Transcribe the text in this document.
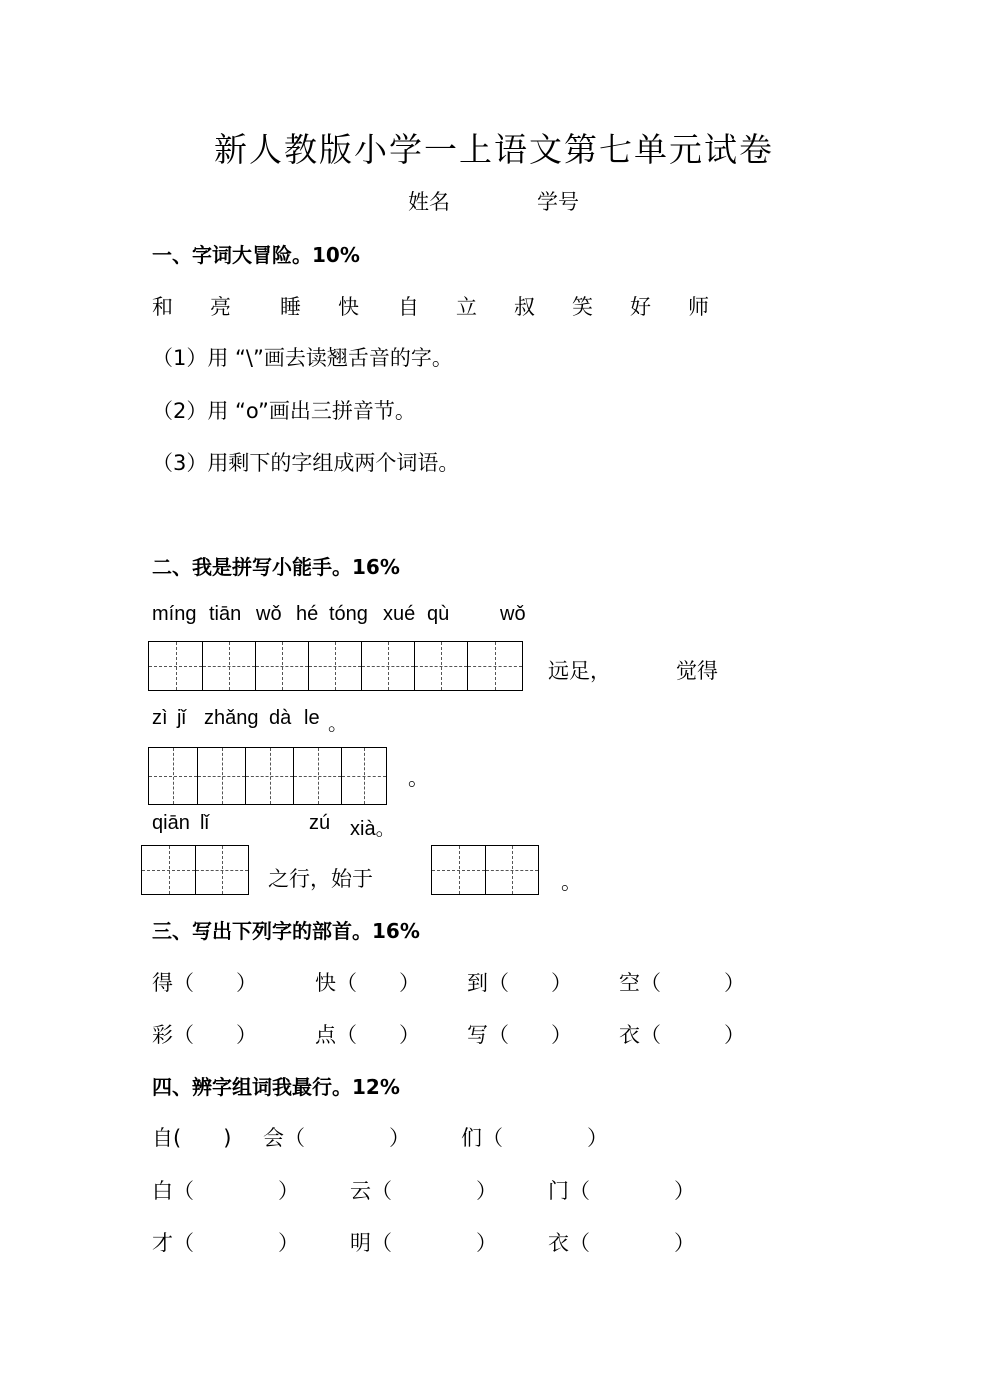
新人教版小学一上语文第七单元试卷
姓名	学号
一、字词大冒险。10%
和 亮 睡 快 自 立 叔 笑 好 师
（1）用 “\”画去读翘舌音的字。
（2）用 “o”画出三拼音节。
（3）用剩下的字组成两个词语。
二、我是拼写小能手。16%
míng tiān wǒ hé tóng xué qù	wǒ
远足，	觉得
zì jǐ zhǎng dà le 。
。
qiān lǐ	zú xià。
之行，始于	。
三、写出下列字的部首。16%
得（　　）	快（　　） 到（　　） 空（　　　）
彩（　　）	点（　　） 写（　　） 衣（　　　）
四、辨字组词我最行。12%
自(　　) 会（　　　　） 们（　　　　）
白（　　　　） 云（　　　　） 门（　　　　）
才（　　　　） 明（　　　　） 衣（　　　　）
